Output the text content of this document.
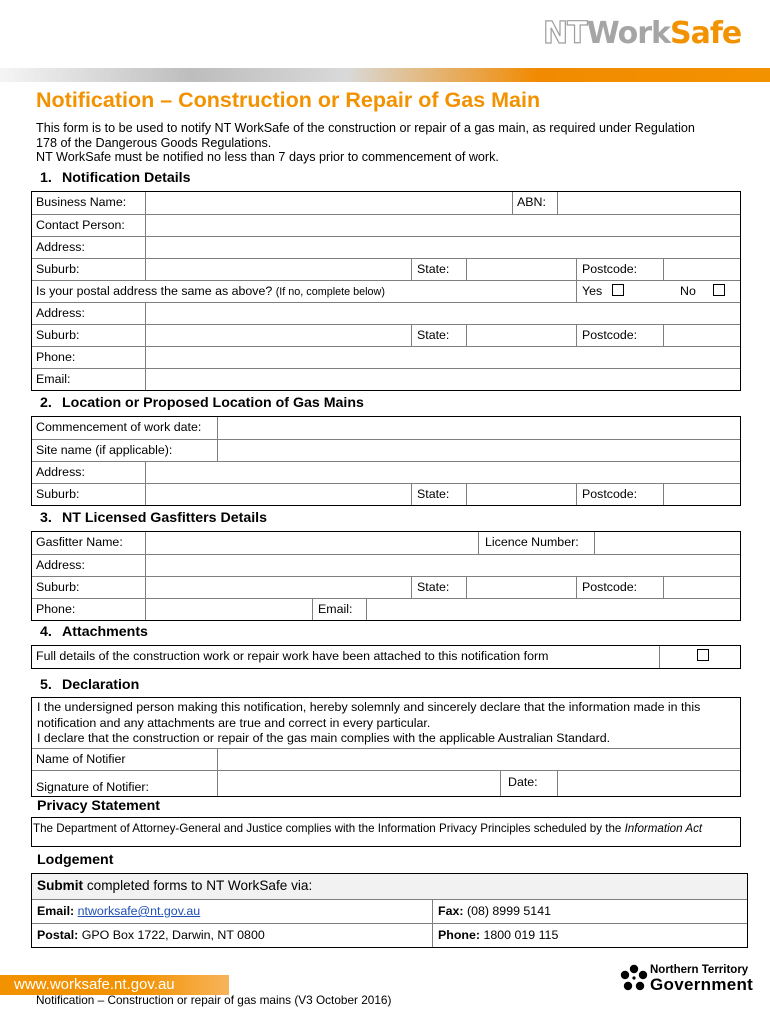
NTWorkSafe
Notification – Construction or Repair of Gas Main
This form is to be used to notify NT WorkSafe of the construction or repair of a gas main, as required under Regulation
178 of the Dangerous Goods Regulations.
NT WorkSafe must be notified no less than 7 days prior to commencement of work.
1. Notification Details
Business Name:	ABN:
Contact Person:
Address:
Suburb:	State:	Postcode:
Is your postal address the same as above? (If no, complete below)	Yes	No
Address:
Suburb:	State:	Postcode:
Phone:
Email:
2. Location or Proposed Location of Gas Mains
Commencement of work date:
Site name (if applicable):
Address:
Suburb:	State:	Postcode:
3. NT Licensed Gasfitters Details
Gasfitter Name:	Licence Number:
Address:
Suburb:	State:	Postcode:
Phone:	Email:
4. Attachments
Full details of the construction work or repair work have been attached to this notification form
5. Declaration
I the undersigned person making this notification, hereby solemnly and sincerely declare that the information made in this
notification and any attachments are true and correct in every particular.
I declare that the construction or repair of the gas main complies with the applicable Australian Standard.
Name of Notifier
Signature of Notifier:	Date:
Privacy Statement
The Department of Attorney-General and Justice complies with the Information Privacy Principles scheduled by the Information Act
Lodgement
Submit completed forms to NT WorkSafe via:
Email: ntworksafe@nt.gov.au	Fax: (08) 8999 5141
Postal: GPO Box 1722, Darwin, NT 0800	Phone: 1800 019 115
www.worksafe.nt.gov.au
Notification – Construction or repair of gas mains (V3 October 2016)
Northern Territory
Government
